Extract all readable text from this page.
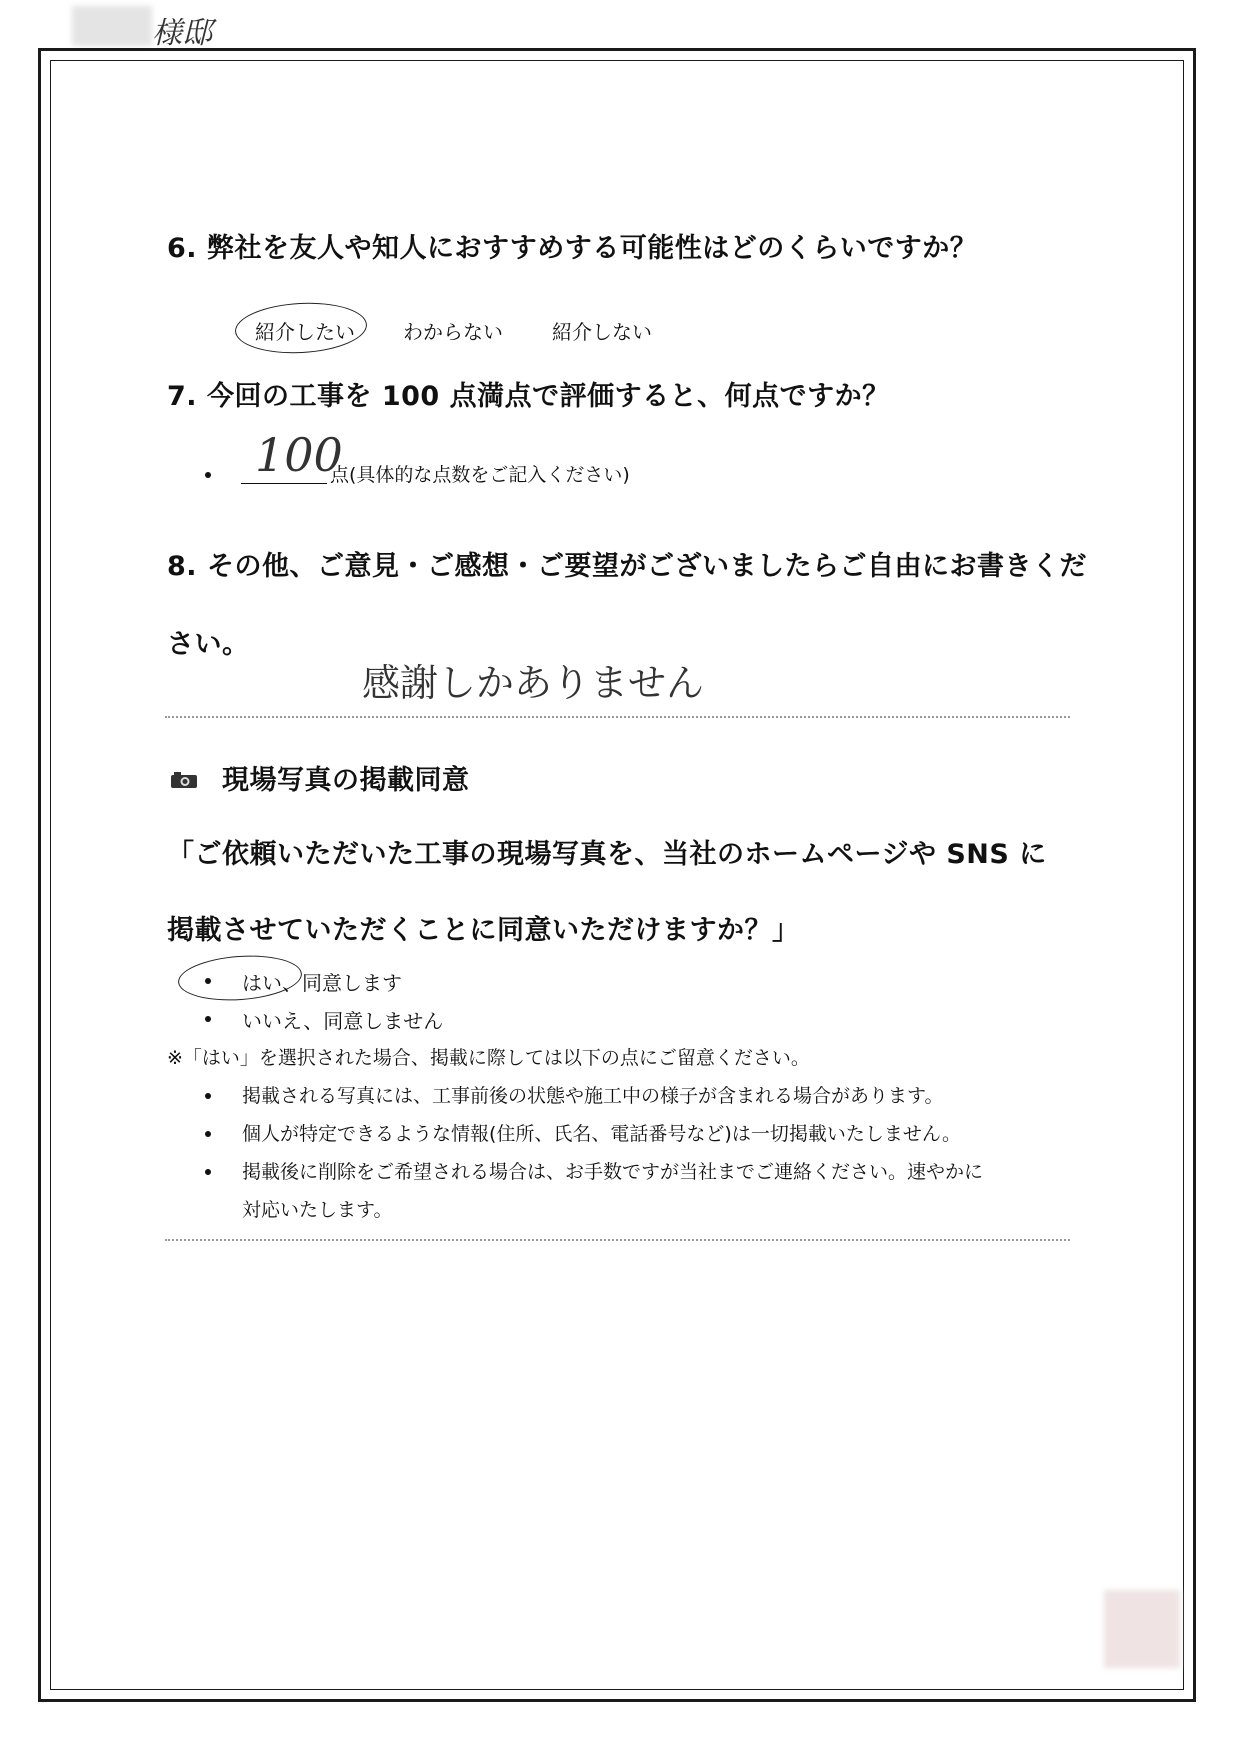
様邸
6. 弊社を友人や知人におすすめする可能性はどのくらいですか？
紹介したい わからない 紹介しない
7. 今回の工事を 100 点満点で評価すると、何点ですか？
100
点(具体的な点数をご記入ください)
8. その他、ご意見・ご感想・ご要望がございましたらご自由にお書きくだ
さい。
感謝しかありません
現場写真の掲載同意
「ご依頼いただいた工事の現場写真を、当社のホームページや SNS に
掲載させていただくことに同意いただけますか？」
はい、同意します
いいえ、同意しません
※「はい」を選択された場合、掲載に際しては以下の点にご留意ください。
掲載される写真には、工事前後の状態や施工中の様子が含まれる場合があります。
個人が特定できるような情報(住所、氏名、電話番号など)は一切掲載いたしません。
掲載後に削除をご希望される場合は、お手数ですが当社までご連絡ください。速やかに
対応いたします。
